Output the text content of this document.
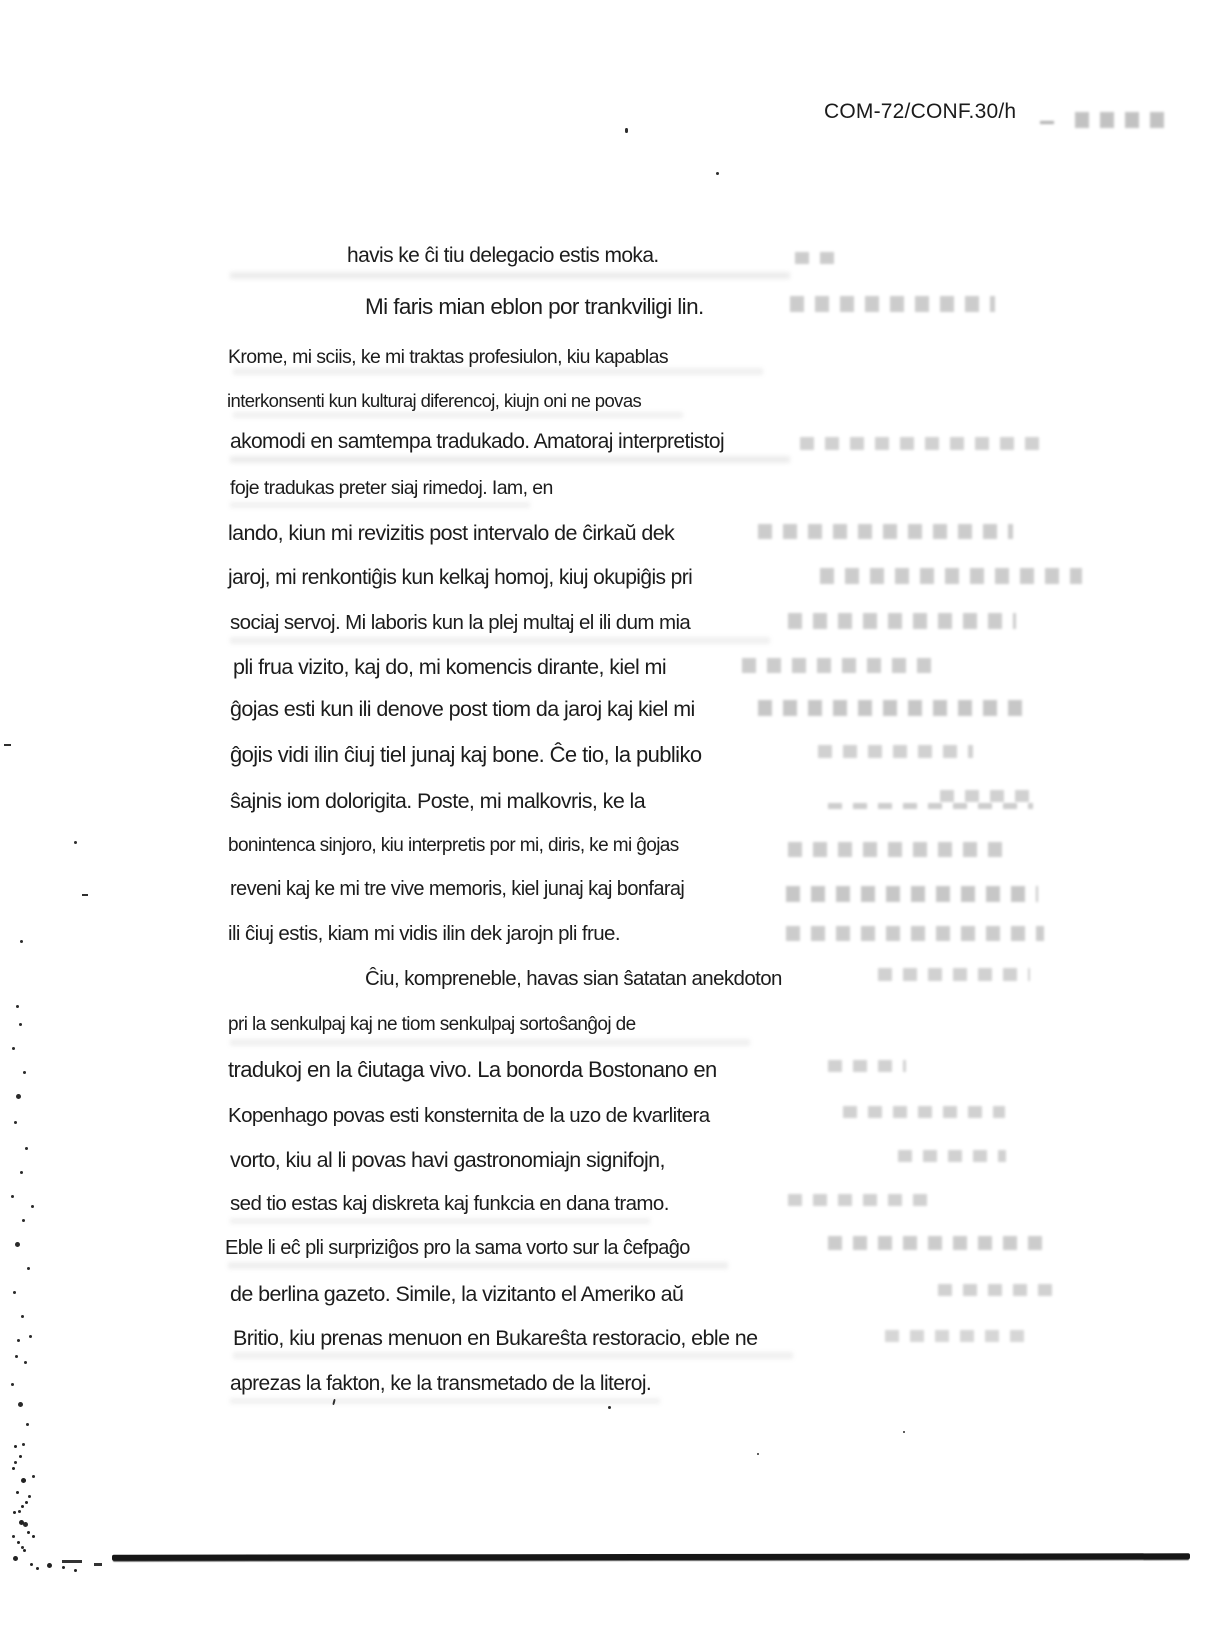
COM-72/CONF.30/h
havis ke ĉi tiu delegacio estis moka.
Mi faris mian eblon por trankviligi lin.
Krome, mi sciis, ke mi traktas profesiulon, kiu kapablas
interkonsenti kun kulturaj diferencoj, kiujn oni ne povas
akomodi en samtempa tradukado. Amatoraj interpretistoj
foje tradukas preter siaj rimedoj. Iam, en
lando, kiun mi revizitis post intervalo de ĉirkaŭ dek
jaroj, mi renkontiĝis kun kelkaj homoj, kiuj okupiĝis pri
sociaj servoj. Mi laboris kun la plej multaj el ili dum mia
pli frua vizito, kaj do, mi komencis dirante, kiel mi
ĝojas esti kun ili denove post tiom da jaroj kaj kiel mi
ĝojis vidi ilin ĉiuj tiel junaj kaj bone. Ĉe tio, la publiko
ŝajnis iom dolorigita. Poste, mi malkovris, ke la
bonintenca sinjoro, kiu interpretis por mi, diris, ke mi ĝojas
reveni kaj ke mi tre vive memoris, kiel junaj kaj bonfaraj
ili ĉiuj estis, kiam mi vidis ilin dek jarojn pli frue.
Ĉiu, kompreneble, havas sian ŝatatan anekdoton
pri la senkulpaj kaj ne tiom senkulpaj sortoŝanĝoj de
tradukoj en la ĉiutaga vivo. La bonorda Bostonano en
Kopenhago povas esti konsternita de la uzo de kvarlitera
vorto, kiu al li povas havi gastronomiajn signifojn,
sed tio estas kaj diskreta kaj funkcia en dana tramo.
Eble li eĉ pli surpriziĝos pro la sama vorto sur la ĉefpaĝo
de berlina gazeto. Simile, la vizitanto el Ameriko aŭ
Britio, kiu prenas menuon en Bukareŝta restoracio, eble ne
aprezas la fakton, ke la transmetado de la literoj.
